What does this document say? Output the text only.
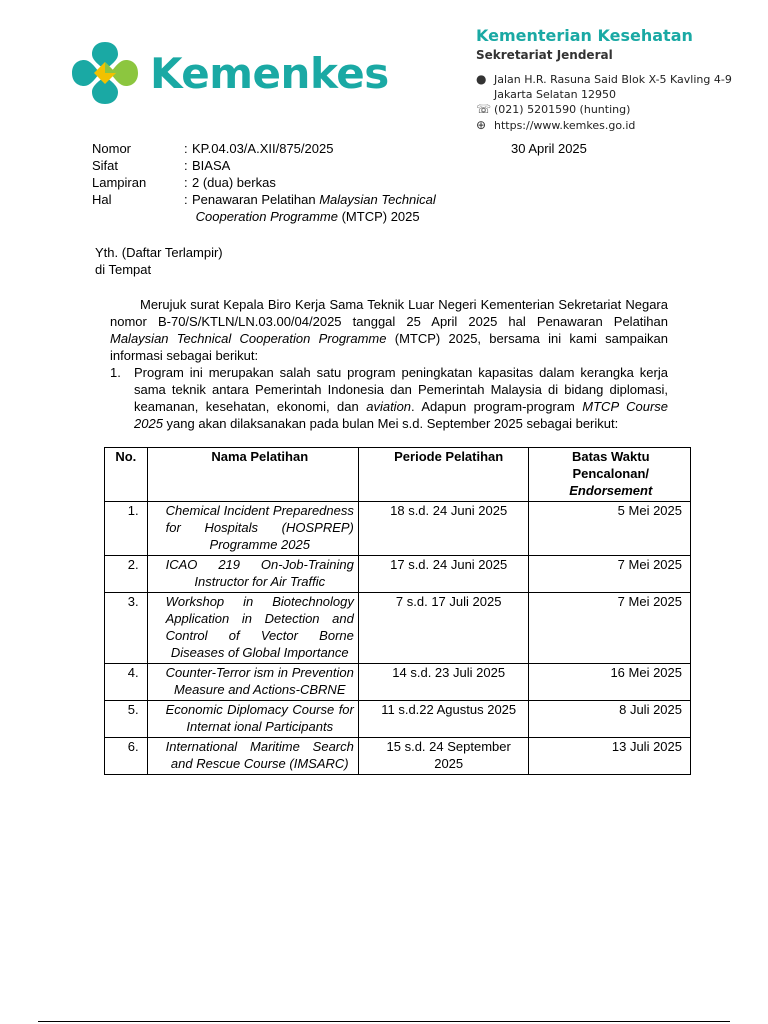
Kemenkes
Kementerian Kesehatan
Sekretariat Jenderal
● Jalan H.R. Rasuna Said Blok X-5 Kavling 4-9
Jakarta Selatan 12950
☏ (021) 5201590 (hunting)
⊕ https://www.kemkes.go.id
Nomor	: KP.04.03/A.XII/875/2025
Sifat	: BIASA
Lampiran	: 2 (dua) berkas
Hal	: Penawaran Pelatihan Malaysian Technical
Cooperation Programme (MTCP) 2025
30 April 2025
Yth. (Daftar Terlampir)
di Tempat

Merujuk surat Kepala Biro Kerja Sama Teknik Luar Negeri Kementerian Sekretariat Negara nomor B-70/S/KTLN/LN.03.00/04/2025 tanggal 25 April 2025 hal Penawaran Pelatihan Malaysian Technical Cooperation Programme (MTCP) 2025, bersama ini kami sampaikan informasi sebagai berikut:

1.	Program ini merupakan salah satu program peningkatan kapasitas dalam kerangka kerja sama teknik antara Pemerintah Indonesia dan Pemerintah Malaysia di bidang diplomasi, keamanan, kesehatan, ekonomi, dan aviation. Adapun program-program MTCP Course 2025 yang akan dilaksanakan pada bulan Mei s.d. September 2025 sebagai berikut:
No.	Nama Pelatihan	Periode Pelatihan	Batas Waktu
Pencalonan/
Endorsement
1.	Chemical Incident Preparedness for Hospitals (HOSPREP) Programme 2025	18 s.d. 24 Juni 2025	5 Mei 2025
2.	ICAO 219 On-Job-Training Instructor for Air Traffic	17 s.d. 24 Juni 2025	7 Mei 2025
3.	Workshop in Biotechnology Application in Detection and Control of Vector Borne Diseases of Global Importance	7 s.d. 17 Juli 2025	7 Mei 2025
4.	Counter-Terror ism in Prevention Measure and Actions-CBRNE	14 s.d. 23 Juli 2025	16 Mei 2025
5.	Economic Diplomacy Course for Internat ional Participants	11 s.d.22 Agustus 2025	8 Juli 2025
6.	International Maritime Search and Rescue Course (IMSARC)	15 s.d. 24 September 2025	13 Juli 2025
